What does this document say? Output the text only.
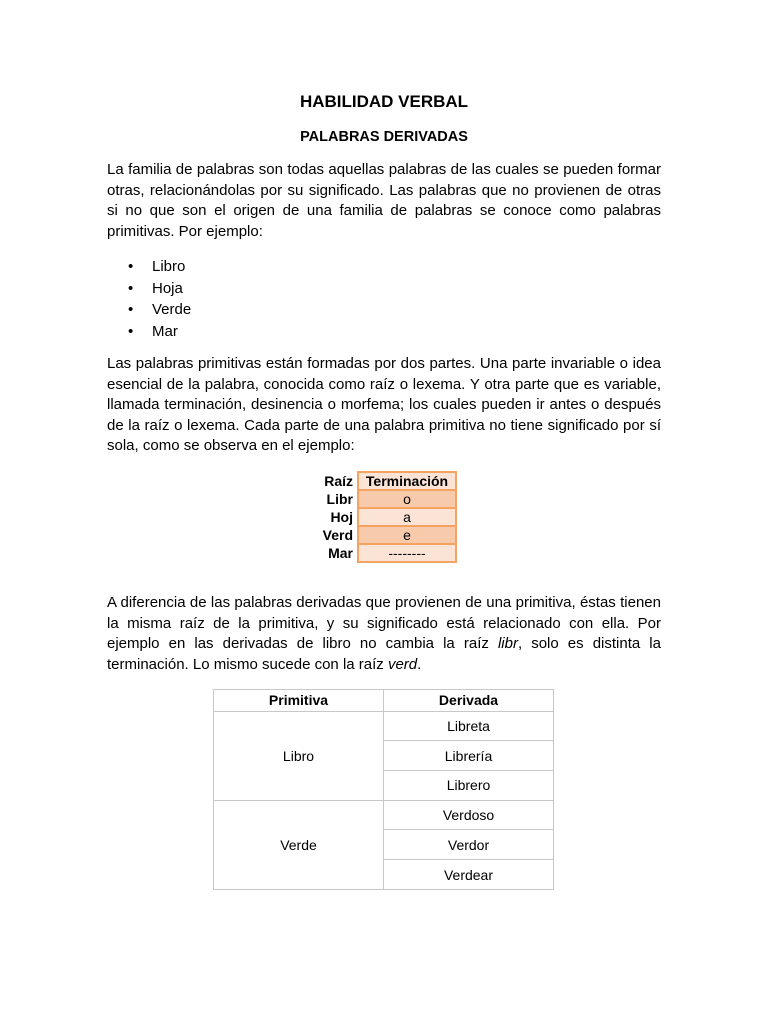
HABILIDAD VERBAL
PALABRAS DERIVADAS

La familia de palabras son todas aquellas palabras de las cuales se pueden formar otras, relacionándolas por su significado. Las palabras que no provienen de otras si no que son el origen de una familia de palabras se conoce como palabras primitivas. Por ejemplo:

• Libro
• Hoja
• Verde
• Mar

Las palabras primitivas están formadas por dos partes. Una parte invariable o idea esencial de la palabra, conocida como raíz o lexema. Y otra parte que es variable, llamada terminación, desinencia o morfema; los cuales pueden ir antes o después de la raíz o lexema. Cada parte de una palabra primitiva no tiene significado por sí sola, como se observa en el ejemplo:

Raíz	Terminación
Libr	o
Hoj	a
Verd	e
Mar	--------

A diferencia de las palabras derivadas que provienen de una primitiva, éstas tienen la misma raíz de la primitiva, y su significado está relacionado con ella. Por ejemplo en las derivadas de libro no cambia la raíz libr, solo es distinta la terminación. Lo mismo sucede con la raíz verd.

Primitiva	Derivada
Libro	Libreta
	Librería
	Librero
Verde	Verdoso
	Verdor
	Verdear
